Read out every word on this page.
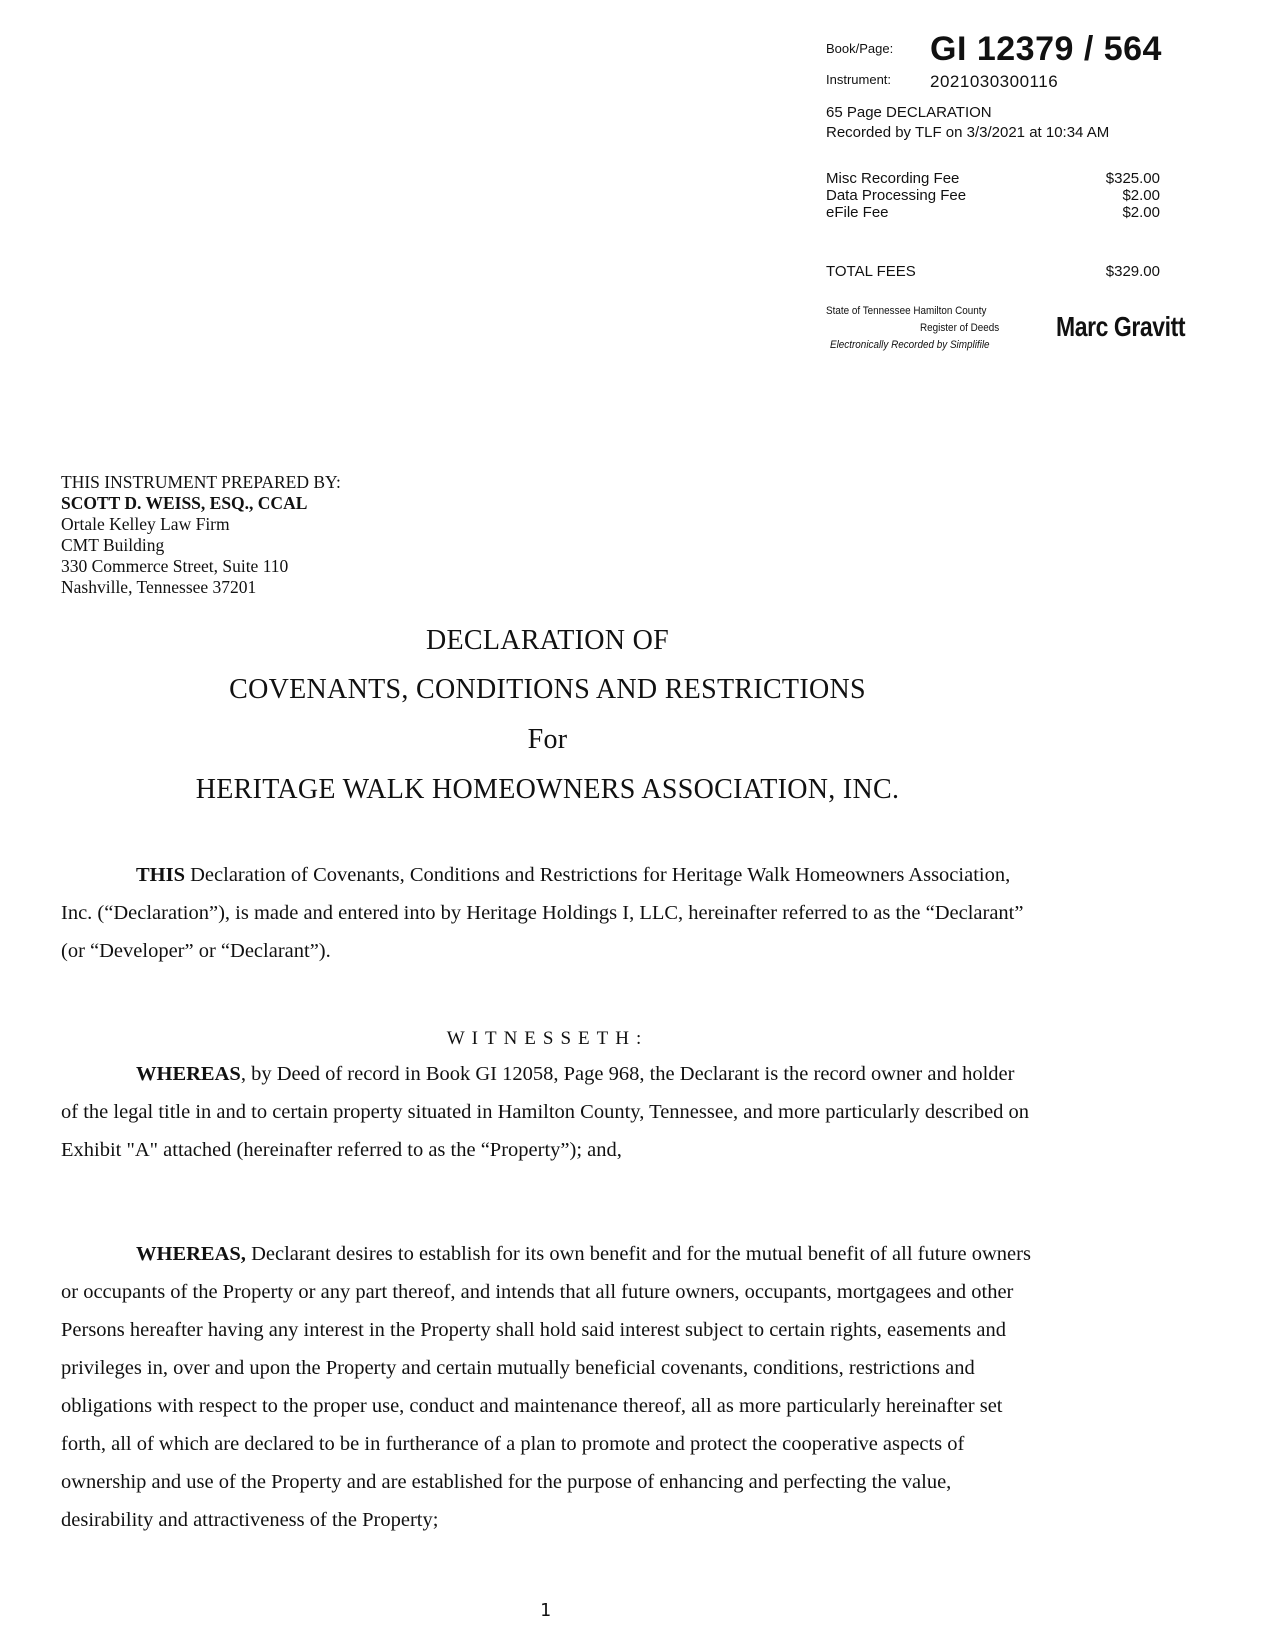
Book/Page: GI 12379 / 564
Instrument: 2021030300116
65 Page DECLARATION
Recorded by TLF on 3/3/2021 at 10:34 AM
Misc Recording Fee	$325.00
Data Processing Fee	$2.00
eFile Fee	$2.00
TOTAL FEES	$329.00
State of Tennessee Hamilton County
Register of Deeds
Electronically Recorded by Simplifile
Marc Gravitt
THIS INSTRUMENT PREPARED BY:
SCOTT D. WEISS, ESQ., CCAL
Ortale Kelley Law Firm
CMT Building
330 Commerce Street, Suite 110
Nashville, Tennessee 37201
DECLARATION OF
COVENANTS, CONDITIONS AND RESTRICTIONS
For
HERITAGE WALK HOMEOWNERS ASSOCIATION, INC.
THIS Declaration of Covenants, Conditions and Restrictions for Heritage Walk Homeowners Association, Inc. (“Declaration”), is made and entered into by Heritage Holdings I, LLC, hereinafter referred to as the “Declarant” (or “Developer” or “Declarant”).
WITNESSETH:
WHEREAS, by Deed of record in Book GI 12058, Page 968, the Declarant is the record owner and holder of the legal title in and to certain property situated in Hamilton County, Tennessee, and more particularly described on Exhibit "A" attached (hereinafter referred to as the “Property”); and,
WHEREAS, Declarant desires to establish for its own benefit and for the mutual benefit of all future owners or occupants of the Property or any part thereof, and intends that all future owners, occupants, mortgagees and other Persons hereafter having any interest in the Property shall hold said interest subject to certain rights, easements and privileges in, over and upon the Property and certain mutually beneficial covenants, conditions, restrictions and obligations with respect to the proper use, conduct and maintenance thereof, all as more particularly hereinafter set forth, all of which are declared to be in furtherance of a plan to promote and protect the cooperative aspects of ownership and use of the Property and are established for the purpose of enhancing and perfecting the value, desirability and attractiveness of the Property;
1
